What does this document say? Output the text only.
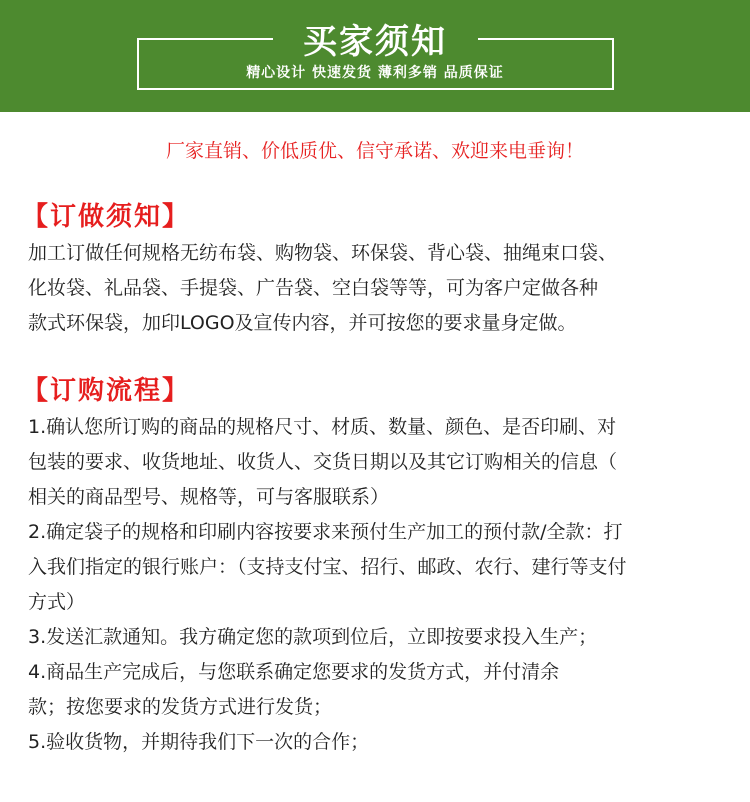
买家须知
精心设计 快速发货 薄利多销 品质保证
厂家直销、价低质优、信守承诺、欢迎来电垂询！
【订做须知】
加工订做任何规格无纺布袋、购物袋、环保袋、背心袋、抽绳束口袋、
化妆袋、礼品袋、手提袋、广告袋、空白袋等等，可为客户定做各种
款式环保袋，加印LOGO及宣传内容，并可按您的要求量身定做。
【订购流程】
1.确认您所订购的商品的规格尺寸、材质、数量、颜色、是否印刷、对
包装的要求、收货地址、收货人、交货日期以及其它订购相关的信息（
相关的商品型号、规格等，可与客服联系）
2.确定袋子的规格和印刷内容按要求来预付生产加工的预付款/全款：打
入我们指定的银行账户：（支持支付宝、招行、邮政、农行、建行等支付
方式）
3.发送汇款通知。我方确定您的款项到位后，立即按要求投入生产；
4.商品生产完成后，与您联系确定您要求的发货方式，并付清余
款；按您要求的发货方式进行发货；
5.验收货物，并期待我们下一次的合作；
